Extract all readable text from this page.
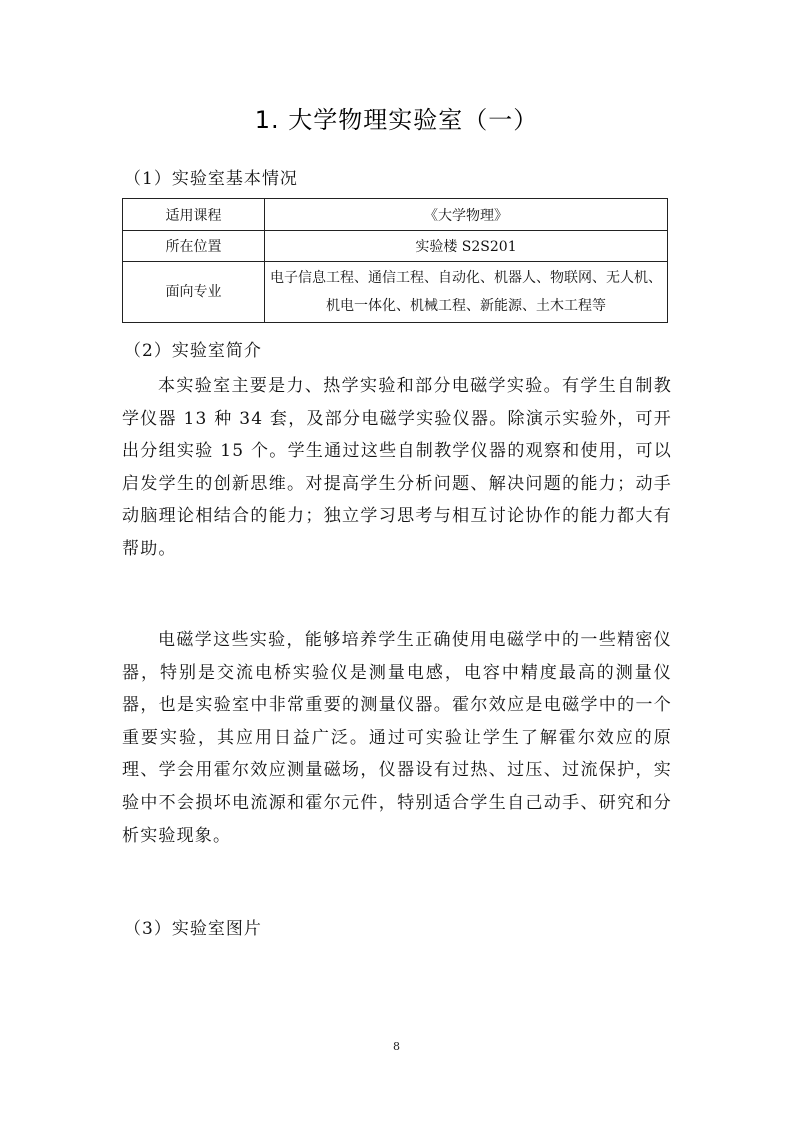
1. 大学物理实验室（一）
（1）实验室基本情况
适用课程	《大学物理》
所在位置	实验楼 S2S201
面向专业	电子信息工程、通信工程、自动化、机器人、物联网、无人机、
机电一体化、机械工程、新能源、土木工程等
（2）实验室简介

本实验室主要是力、热学实验和部分电磁学实验。有学生自制教学仪器 13 种 34 套，及部分电磁学实验仪器。除演示实验外，可开出分组实验 15 个。学生通过这些自制教学仪器的观察和使用，可以启发学生的创新思维。对提高学生分析问题、解决问题的能力；动手动脑理论相结合的能力；独立学习思考与相互讨论协作的能力都大有帮助。

电磁学这些实验，能够培养学生正确使用电磁学中的一些精密仪器，特别是交流电桥实验仪是测量电感，电容中精度最高的测量仪器，也是实验室中非常重要的测量仪器。霍尔效应是电磁学中的一个重要实验，其应用日益广泛。通过可实验让学生了解霍尔效应的原理、学会用霍尔效应测量磁场，仪器设有过热、过压、过流保护，实验中不会损坏电流源和霍尔元件，特别适合学生自己动手、研究和分析实验现象。

（3）实验室图片
8
